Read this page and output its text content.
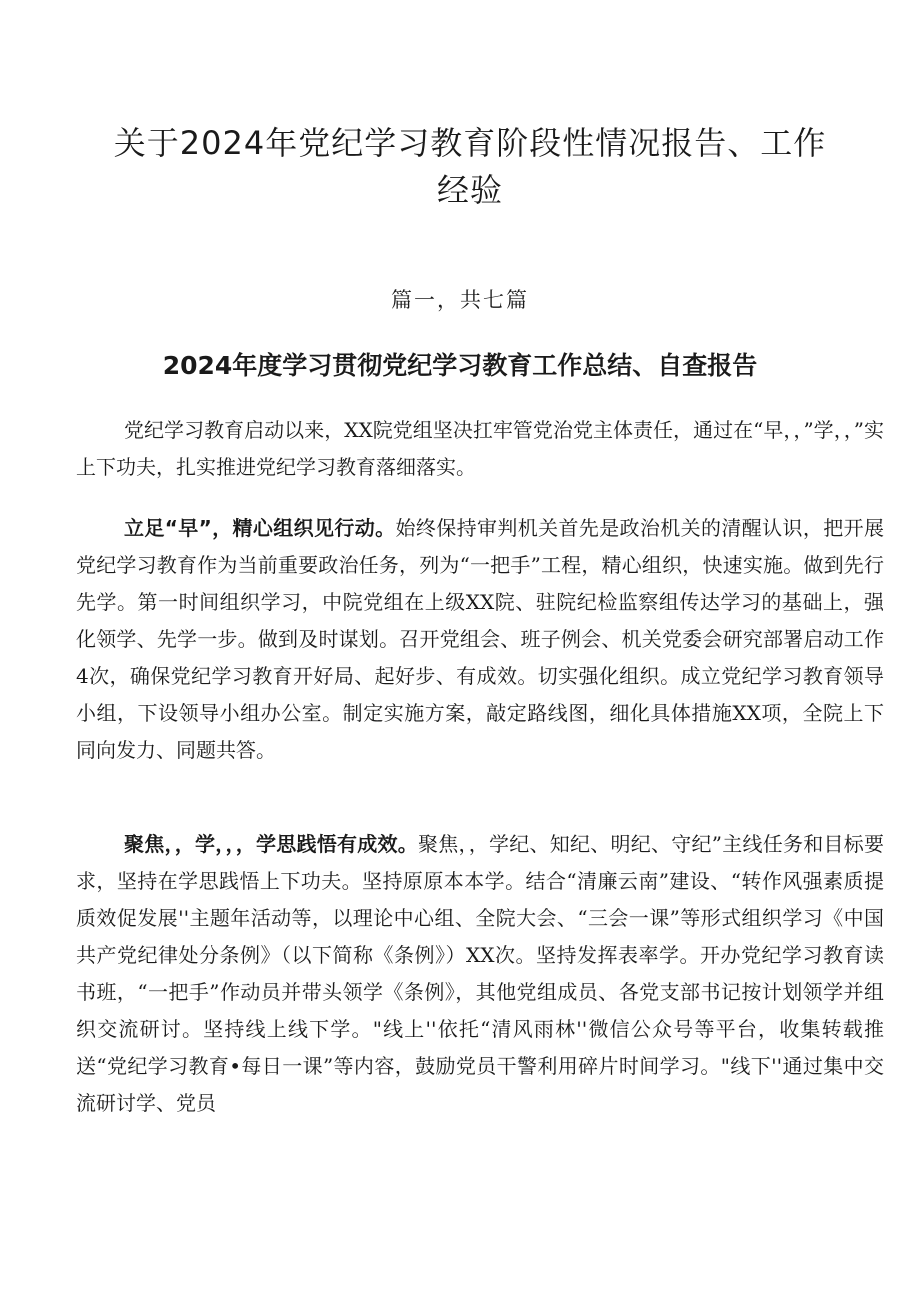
关于2024年党纪学习教育阶段性情况报告、工作经验
篇一，共七篇
2024年度学习贯彻党纪学习教育工作总结、自查报告
党纪学习教育启动以来，XX院党组坚决扛牢管党治党主体责任，通过在“早，，”学，，”实上下功夫，扎实推进党纪学习教育落细落实。
立足“早”，精心组织见行动。始终保持审判机关首先是政治机关的清醒认识，把开展党纪学习教育作为当前重要政治任务，列为“一把手”工程，精心组织，快速实施。做到先行先学。第一时间组织学习，中院党组在上级XX院、驻院纪检监察组传达学习的基础上，强化领学、先学一步。做到及时谋划。召开党组会、班子例会、机关党委会研究部署启动工作4次，确保党纪学习教育开好局、起好步、有成效。切实强化组织。成立党纪学习教育领导小组，下设领导小组办公室。制定实施方案，敲定路线图，细化具体措施XX项，全院上下同向发力、同题共答。
聚焦，，学，，，学思践悟有成效。聚焦，，学纪、知纪、明纪、守纪”主线任务和目标要求，坚持在学思践悟上下功夫。坚持原原本本学。结合“清廉云南”建设、“转作风强素质提质效促发展''主题年活动等，以理论中心组、全院大会、“三会一课”等形式组织学习《中国共产党纪律处分条例》（以下简称《条例》）XX次。坚持发挥表率学。开办党纪学习教育读书班，“一把手”作动员并带头领学《条例》，其他党组成员、各党支部书记按计划领学并组织交流研讨。坚持线上线下学。"线上''依托“清风雨林''微信公众号等平台，收集转载推送“党纪学习教育•每日一课”等内容，鼓励党员干警利用碎片时间学习。"线下''通过集中交流研讨学、党员
